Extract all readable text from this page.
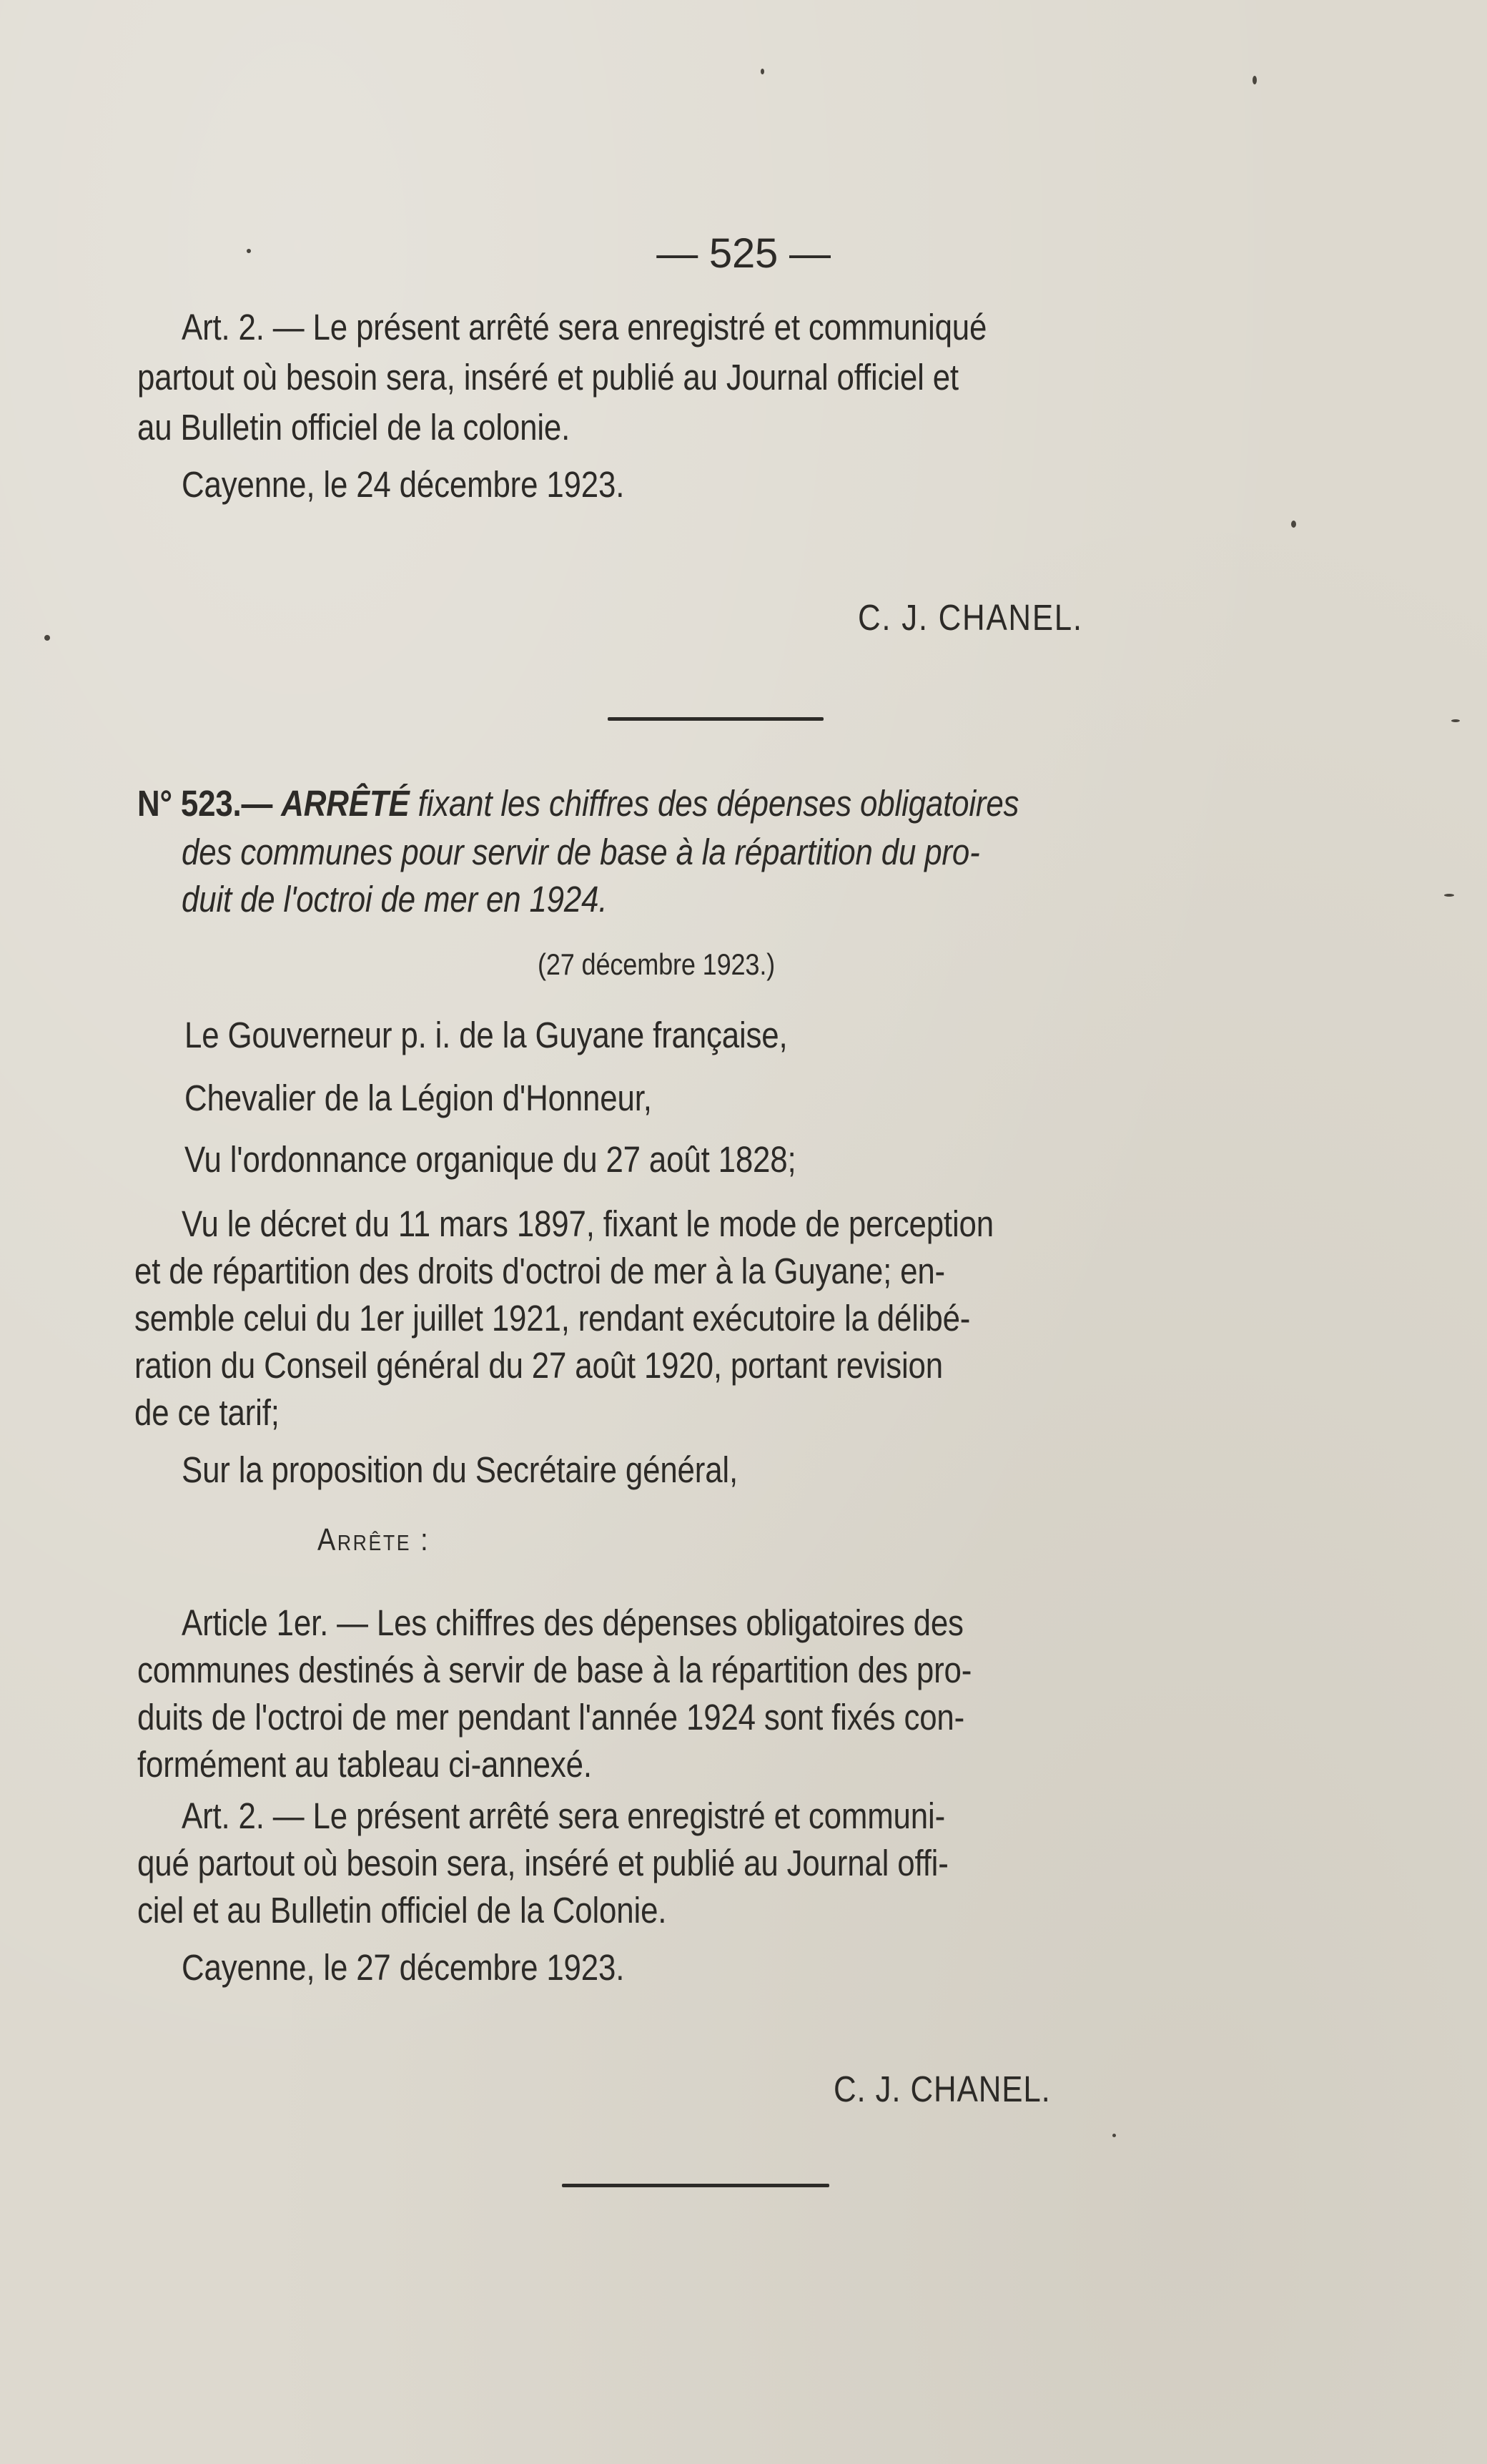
— 525 —
Art. 2. — Le présent arrêté sera enregistré et communiqué
partout où besoin sera, inséré et publié au Journal officiel et
au Bulletin officiel de la colonie.
Cayenne, le 24 décembre 1923.
C. J. CHANEL.
N° 523.— ARRÊTÉ fixant les chiffres des dépenses obligatoires
des communes pour servir de base à la répartition du pro-
duit de l'octroi de mer en 1924.
(27 décembre 1923.)
Le Gouverneur p. i. de la Guyane française,
Chevalier de la Légion d'Honneur,
Vu l'ordonnance organique du 27 août 1828;
Vu le décret du 11 mars 1897, fixant le mode de perception
et de répartition des droits d'octroi de mer à la Guyane; en-
semble celui du 1er juillet 1921, rendant exécutoire la délibé-
ration du Conseil général du 27 août 1920, portant revision
de ce tarif;
Sur la proposition du Secrétaire général,
Arrête :
Article 1er. — Les chiffres des dépenses obligatoires des
communes destinés à servir de base à la répartition des pro-
duits de l'octroi de mer pendant l'année 1924 sont fixés con-
formément au tableau ci-annexé.
Art. 2. — Le présent arrêté sera enregistré et communi-
qué partout où besoin sera, inséré et publié au Journal offi-
ciel et au Bulletin officiel de la Colonie.
Cayenne, le 27 décembre 1923.
C. J. CHANEL.
